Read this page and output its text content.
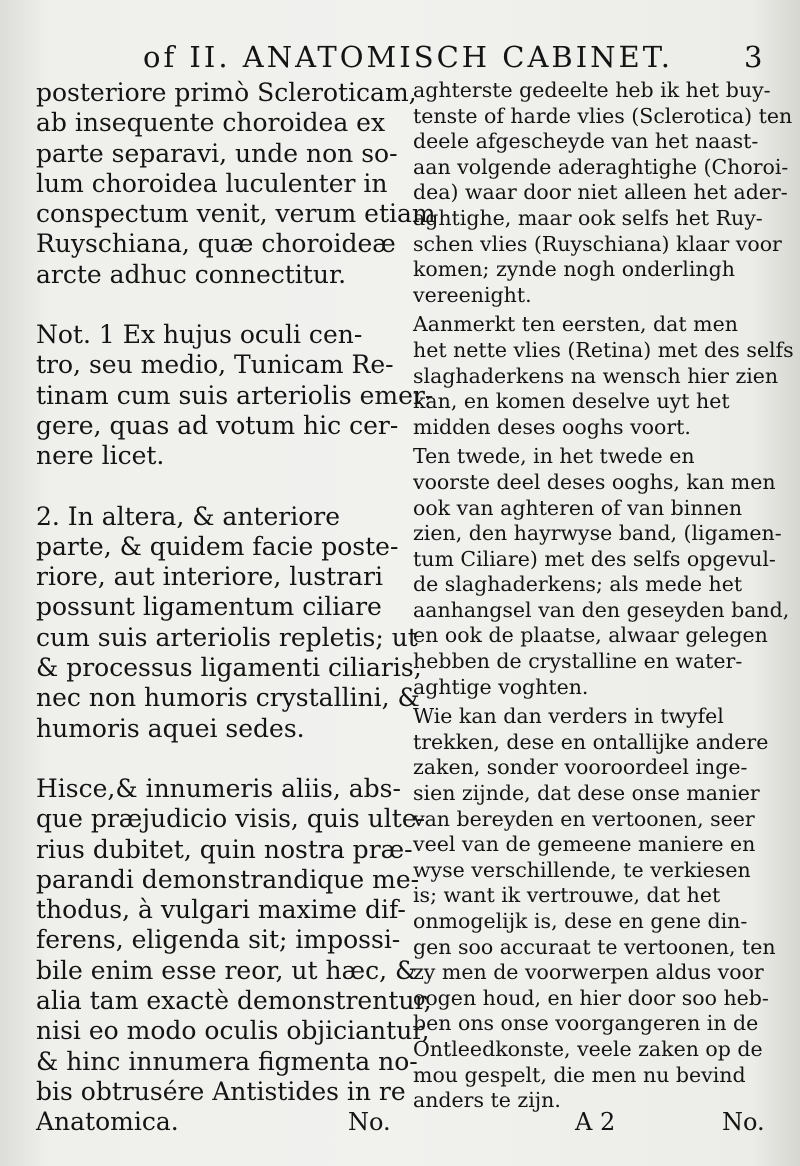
of II. ANATOMISCH CABINET. 3
posteriore primò Scleroticam,
ab insequente choroidea ex
parte separavi, unde non so-
lum choroidea luculenter in
conspectum venit, verum etiam
Ruyschiana, quæ choroideæ
arcte adhuc connectitur.
Not. 1 Ex hujus oculi cen-
tro, seu medio, Tunicam Re-
tinam cum suis arteriolis emer-
gere, quas ad votum hic cer-
nere licet.
2. In altera, & anteriore
parte, & quidem facie poste-
riore, aut interiore, lustrari
possunt ligamentum ciliare
cum suis arteriolis repletis; ut
& processus ligamenti ciliaris,
nec non humoris crystallini, &
humoris aquei sedes.
Hisce,& innumeris aliis, abs-
que præjudicio visis, quis ulte-
rius dubitet, quin nostra præ-
parandi demonstrandique me-
thodus, à vulgari maxime dif-
ferens, eligenda sit; impossi-
bile enim esse reor, ut hæc, &
alia tam exactè demonstrentur,
nisi eo modo oculis objiciantur,
& hinc innumera figmenta no-
bis obtrusére Antistides in re
Anatomica.
aghterste gedeelte heb ik het buy-
tenste of harde vlies (Sclerotica) ten
deele afgescheyde van het naast-
aan volgende aderaghtighe (Choroi-
dea) waar door niet alleen het ader-
aghtighe, maar ook selfs het Ruy-
schen vlies (Ruyschiana) klaar voor
komen; zynde nogh onderlingh
vereenight.
Aanmerkt ten eersten, dat men
het nette vlies (Retina) met des selfs
slaghaderkens na wensch hier zien
kan, en komen deselve uyt het
midden deses ooghs voort.
Ten twede, in het twede en
voorste deel deses ooghs, kan men
ook van aghteren of van binnen
zien, den hayrwyse band, (ligamen-
tum Ciliare) met des selfs opgevul-
de slaghaderkens; als mede het
aanhangsel van den geseyden band,
en ook de plaatse, alwaar gelegen
hebben de crystalline en water-
aghtige voghten.
Wie kan dan verders in twyfel
trekken, dese en ontallijke andere
zaken, sonder vooroordeel inge-
sien zijnde, dat dese onse manier
van bereyden en vertoonen, seer
veel van de gemeene maniere en
wyse verschillende, te verkiesen
is; want ik vertrouwe, dat het
onmogelijk is, dese en gene din-
gen soo accuraat te vertoonen, ten
zy men de voorwerpen aldus voor
oogen houd, en hier door soo heb-
ben ons onse voorgangeren in de
Ontleedkonste, veele zaken op de
mou gespelt, die men nu bevind
anders te zijn.
No.	A 2	No.
